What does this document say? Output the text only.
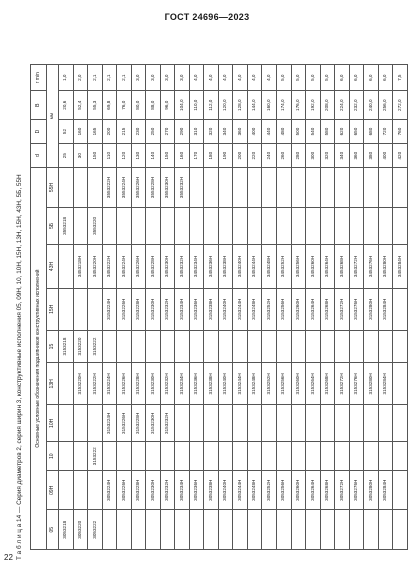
ГОСТ 24696—2023
22 Т а б л и ц а 14 — Серия диаметров 2, серия ширин 3, конструктивные исполнения 05, 09Н, 10, 10Н, 15Н, 13Н, 15Н, 43Н, 5Б, 55Н	Основные условные обозначения подшипников конструктивных исполнений										d	D	B	r min
05	09Н	10	10Н	13Н	15	15Н	43Н	5Б	55Н	мм			
3053218					3153218			3553218		25	52	20,6	1,0
3053220				3153220Н	3153220		3453218Н			30	160	52,4	2,0
3053222		3153222		3153222Н	3153222		3453220Н	3553220		150	165	55,3	2,1
	3053224Н		3153224Н	3153224Н		3153224Н	3453222Н		3553222Н	110	200	69,8	2,1
	3053226Н		3153226Н	3153226Н		3153226Н	3453224Н		3553224Н	120	215	76,0	2,1
	3053228Н		3153228Н	3153228Н		3153228Н	3453226Н		3553226Н	130	230	80,0	3,0
	3053230Н		3153230Н	3153230Н		3153230Н	3453228Н		3553228Н	140	250	88,0	3,0
	3053232Н		3153232Н	3153232Н		3153232Н	3453230Н		3553230Н	150	270	96,0	3,0
	3053234Н			3153234Н		3153234Н	3453232Н		3553232Н	160	290	104,0	3,0
	3053236Н			3153236Н		3153236Н	3453234Н			170	310	110,0	4,0
	3053238Н			3153238Н		3153238Н	3453236Н			180	320	112,0	4,0
	3053240Н			3153240Н		3153240Н	3453238Н			190	340	120,0	4,0
	3053244Н			3153244Н		3153244Н	3453240Н			200	360	128,0	4,0
	3053248Н			3153248Н		3153248Н	3453244Н			220	400	144,0	4,0
	3053252Н			3153252Н		3153252Н	3453248Н			240	440	160,0	4,0
	3053256Н			3153256Н		3153256Н	3453252Н			260	480	174,0	5,0
	3053260Н			3153260Н		3153260Н	3453256Н			280	500	176,0	5,0
	3053264Н			3153264Н		3153264Н	3453260Н			300	540	192,0	5,0
	3053268Н			3153268Н		3153268Н	3453264Н			320	580	208,0	5,0
	3053272Н			3153272Н		3153272Н	3453268Н			340	620	224,0	6,0
	3053276Н			3153276Н		3153276Н	3453272Н			360	650	232,0	6,0
	3053280Н			3153280Н		3153280Н	3453276Н			380	680	240,0	6,0
	3053284Н			3153284Н		3153284Н	3453280Н			400	720	256,0	6,0
							3453284Н			420	760	272,0	7,5
